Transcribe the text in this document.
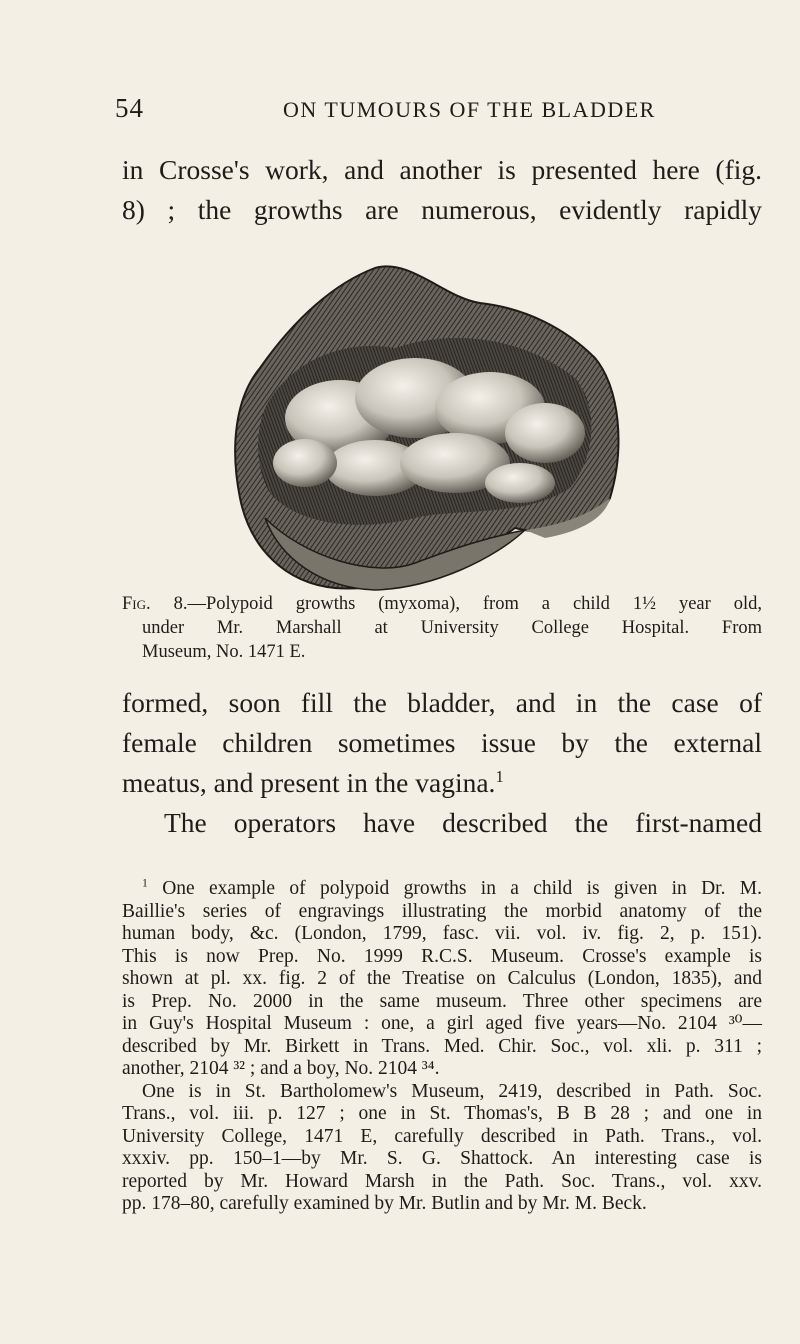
54	ON TUMOURS OF THE BLADDER
in Crosse's work, and another is presented here (fig.
8) ; the growths are numerous, evidently rapidly
Fig. 8.—Polypoid growths (myxoma), from a child 1½ year old,
under Mr. Marshall at University College Hospital. From
Museum, No. 1471 E.
formed, soon fill the bladder, and in the case of
female children sometimes issue by the external
meatus, and present in the vagina.$^1$
The operators have described the first-named
$^1$ One example of polypoid growths in a child is given in Dr. M.
Baillie's series of engravings illustrating the morbid anatomy of the
human body, &c. (London, 1799, fasc. vii. vol. iv. fig. 2, p. 151).
This is now Prep. No. 1999 R.C.S. Museum. Crosse's example is
shown at pl. xx. fig. 2 of the Treatise on Calculus (London, 1835), and
is Prep. No. 2000 in the same museum. Three other specimens are
in Guy's Hospital Museum : one, a girl aged five years—No. 2104 ³⁰—
described by Mr. Birkett in Trans. Med. Chir. Soc., vol. xli. p. 311 ;
another, 2104 ³² ; and a boy, No. 2104 ³⁴.
One is in St. Bartholomew's Museum, 2419, described in Path. Soc.
Trans., vol. iii. p. 127 ; one in St. Thomas's, B B 28 ; and one in
University College, 1471 E, carefully described in Path. Trans., vol.
xxxiv. pp. 150–1—by Mr. S. G. Shattock. An interesting case is
reported by Mr. Howard Marsh in the Path. Soc. Trans., vol. xxv.
pp. 178–80, carefully examined by Mr. Butlin and by Mr. M. Beck.
